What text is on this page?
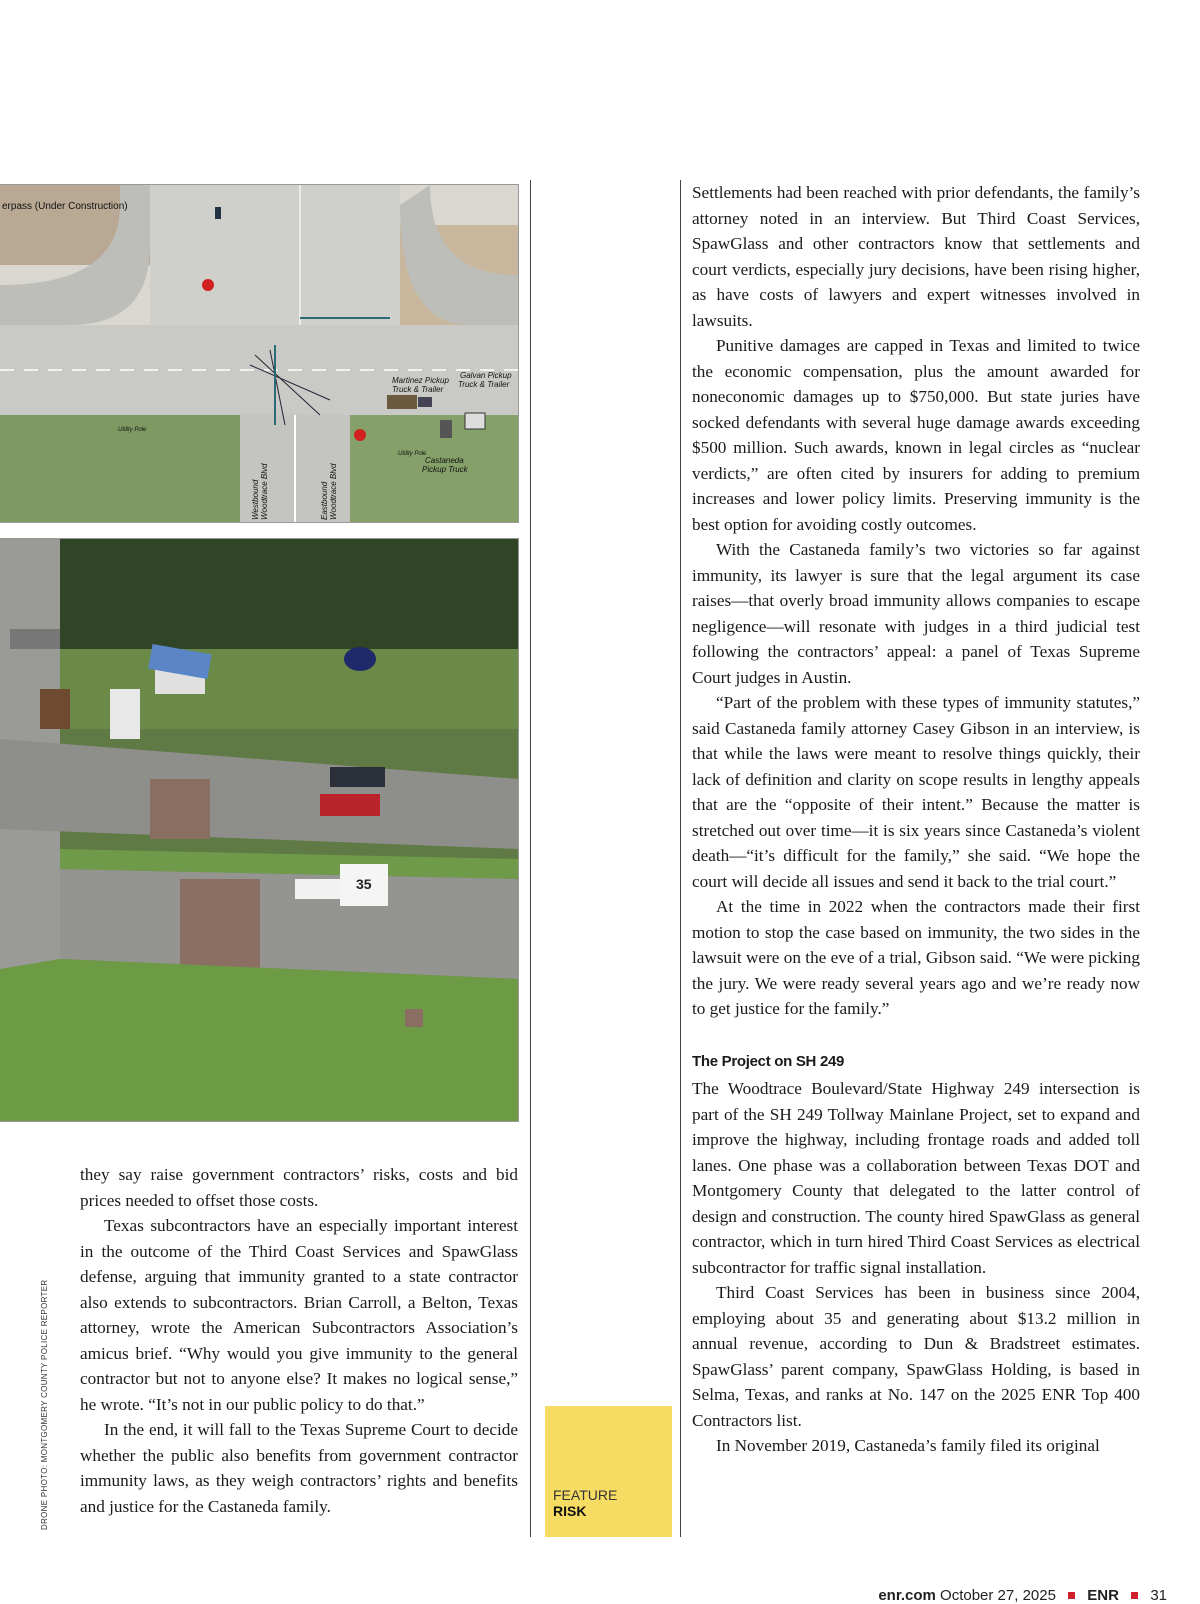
erpass (Under Construction)
Galvan Pickup
Truck & Trailer
Martinez Pickup
Truck & Trailer
Castaneda
Pickup Truck
Utility Pole
Utility Pole
Westbound Woodtrace Blvd	Eastbound Woodtrace Blvd
35
DRONE PHOTO: MONTGOMERY COUNTY POLICE REPORTER

they say raise government contractors’ risks, costs and bid prices needed to offset those costs.

Texas subcontractors have an especially important interest in the outcome of the Third Coast Services and SpawGlass defense, arguing that immunity granted to a state contractor also extends to subcontractors. Brian Carroll, a Belton, Texas attorney, wrote the American Subcontractors Association’s amicus brief. “Why would you give immunity to the general contractor but not to anyone else? It makes no logical sense,” he wrote. “It’s not in our public policy to do that.”

In the end, it will fall to the Texas Supreme Court to decide whether the public also benefits from government contractor immunity laws, as they weigh contractors’ rights and benefits and justice for the Castaneda family.

FEATURE
RISK

Settlements had been reached with prior defendants, the family’s attorney noted in an interview. But Third Coast Services, SpawGlass and other contractors know that settlements and court verdicts, especially jury decisions, have been rising higher, as have costs of lawyers and expert witnesses involved in lawsuits.

Punitive damages are capped in Texas and limited to twice the economic compensation, plus the amount awarded for noneconomic damages up to $750,000. But state juries have socked defendants with several huge damage awards exceeding $500 million. Such awards, known in legal circles as “nuclear verdicts,” are often cited by insurers for adding to premium increases and lower policy limits. Preserving immunity is the best option for avoiding costly outcomes.

With the Castaneda family’s two victories so far against immunity, its lawyer is sure that the legal argument its case raises—that overly broad immunity allows companies to escape negligence—will resonate with judges in a third judicial test following the contractors’ appeal: a panel of Texas Supreme Court judges in Austin.

“Part of the problem with these types of immunity statutes,” said Castaneda family attorney Casey Gibson in an interview, is that while the laws were meant to resolve things quickly, their lack of definition and clarity on scope results in lengthy appeals that are the “opposite of their intent.” Because the matter is stretched out over time—it is six years since Castaneda’s violent death—“it’s difficult for the family,” she said. “We hope the court will decide all issues and send it back to the trial court.”

At the time in 2022 when the contractors made their first motion to stop the case based on immunity, the two sides in the lawsuit were on the eve of a trial, Gibson said. “We were picking the jury. We were ready several years ago and we’re ready now to get justice for the family.”

The Project on SH 249

The Woodtrace Boulevard/State Highway 249 intersection is part of the SH 249 Tollway Mainlane Project, set to expand and improve the highway, including frontage roads and added toll lanes. One phase was a collaboration between Texas DOT and Montgomery County that delegated to the latter control of design and construction. The county hired SpawGlass as general contractor, which in turn hired Third Coast Services as electrical subcontractor for traffic signal installation.

Third Coast Services has been in business since 2004, employing about 35 and generating about $13.2 million in annual revenue, according to Dun & Bradstreet estimates. SpawGlass’ parent company, SpawGlass Holding, is based in Selma, Texas, and ranks at No. 147 on the 2025 ENR Top 400 Contractors list.

In November 2019, Castaneda’s family filed its original

enr.com October 27, 2025 ENR 31
